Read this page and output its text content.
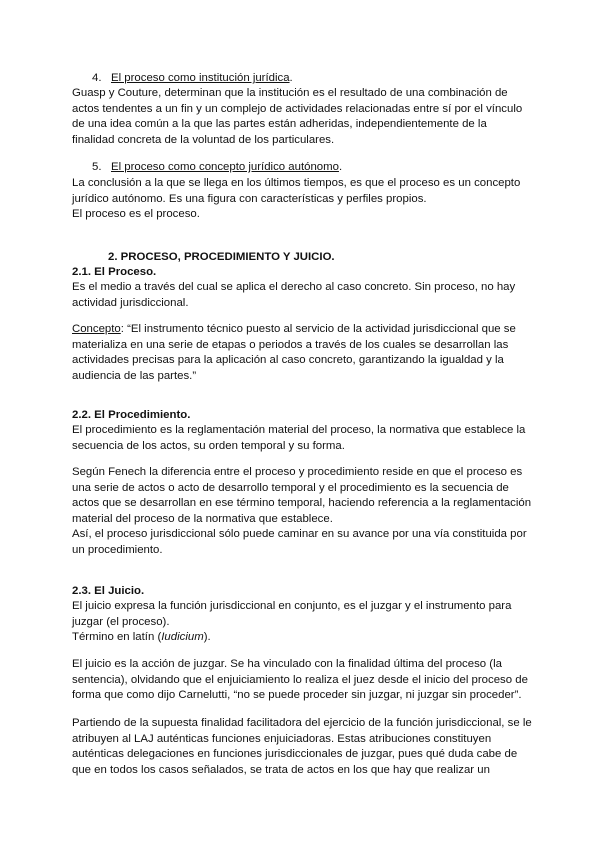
4. El proceso como institución jurídica.

Guasp y Couture, determinan que la institución es el resultado de una combinación de actos tendentes a un fin y un complejo de actividades relacionadas entre sí por el vínculo de una idea común a la que las partes están adheridas, independientemente de la finalidad concreta de la voluntad de los particulares.

5. El proceso como concepto jurídico autónomo.

La conclusión a la que se llega en los últimos tiempos, es que el proceso es un concepto jurídico autónomo. Es una figura con características y perfiles propios.

El proceso es el proceso.

2. PROCESO, PROCEDIMIENTO Y JUICIO.

2.1. El Proceso.

Es el medio a través del cual se aplica el derecho al caso concreto. Sin proceso, no hay actividad jurisdiccional.

Concepto: “El instrumento técnico puesto al servicio de la actividad jurisdiccional que se materializa en una serie de etapas o periodos a través de los cuales se desarrollan las actividades precisas para la aplicación al caso concreto, garantizando la igualdad y la audiencia de las partes.”

2.2. El Procedimiento.

El procedimiento es la reglamentación material del proceso, la normativa que establece la secuencia de los actos, su orden temporal y su forma.

Según Fenech la diferencia entre el proceso y procedimiento reside en que el proceso es una serie de actos o acto de desarrollo temporal y el procedimiento es la secuencia de actos que se desarrollan en ese término temporal, haciendo referencia a la reglamentación material del proceso de la normativa que establece.

Así, el proceso jurisdiccional sólo puede caminar en su avance por una vía constituida por un procedimiento.

2.3. El Juicio.

El juicio expresa la función jurisdiccional en conjunto, es el juzgar y el instrumento para juzgar (el proceso).

Término en latín (Iudicium).

El juicio es la acción de juzgar. Se ha vinculado con la finalidad última del proceso (la sentencia), olvidando que el enjuiciamiento lo realiza el juez desde el inicio del proceso de forma que como dijo Carnelutti, “no se puede proceder sin juzgar, ni juzgar sin proceder”.

Partiendo de la supuesta finalidad facilitadora del ejercicio de la función jurisdiccional, se le atribuyen al LAJ auténticas funciones enjuiciadoras. Estas atribuciones constituyen auténticas delegaciones en funciones jurisdiccionales de juzgar, pues qué duda cabe de que en todos los casos señalados, se trata de actos en los que hay que realizar un
